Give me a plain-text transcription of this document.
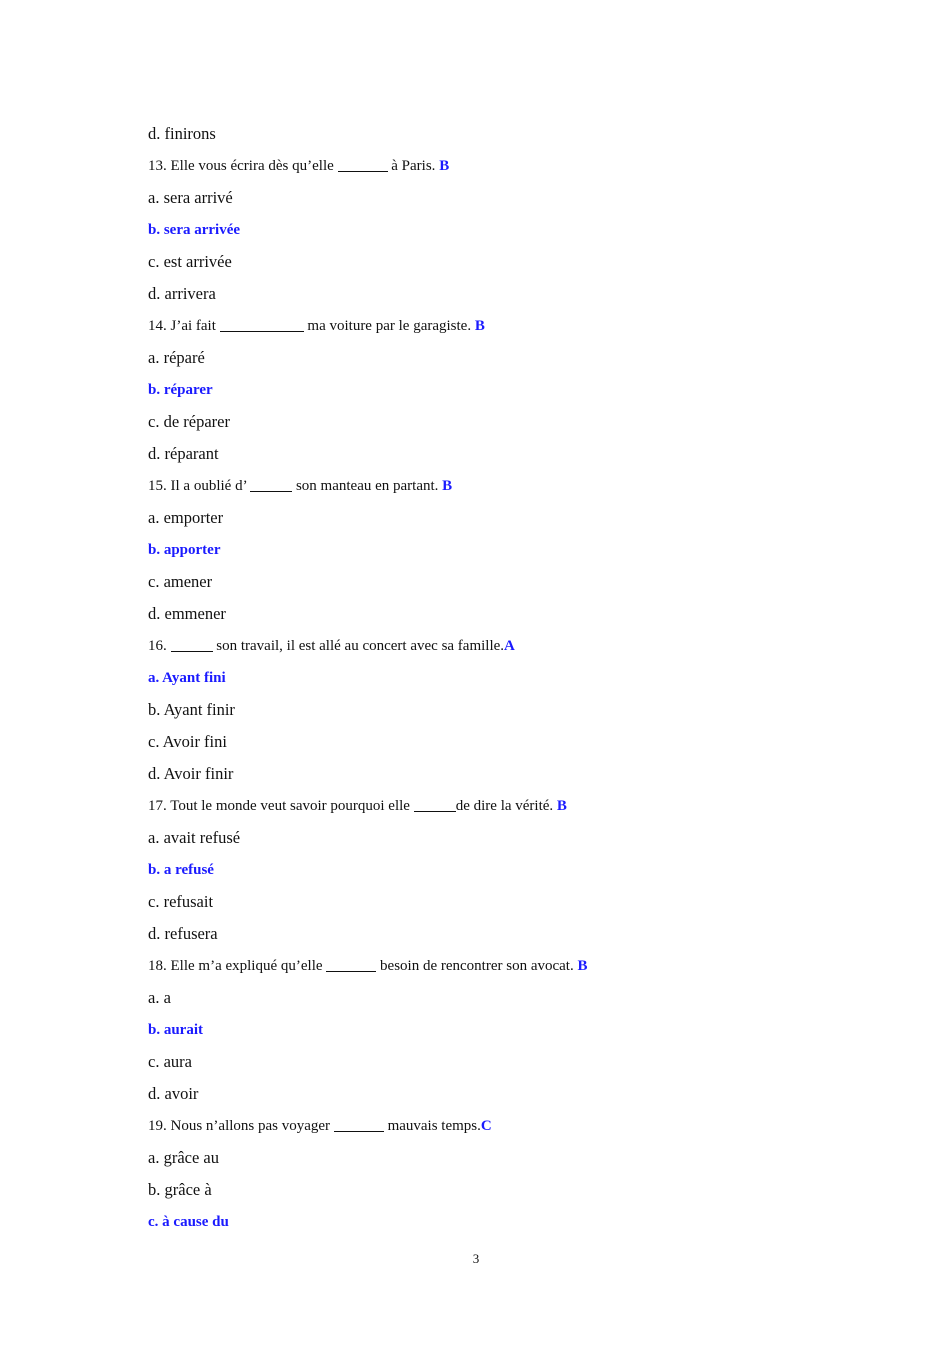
d. finirons
13. Elle vous écrira dès qu’elle	à Paris. B
a. sera arrivé
b. sera arrivée
c. est arrivée
d. arrivera
14. J’ai fait	ma voiture par le garagiste. B
a. réparé
b. réparer
c. de réparer
d. réparant
15. Il a oublié d’	son manteau en partant. B
a. emporter
b. apporter
c. amener
d. emmener
16.	son travail, il est allé au concert avec sa famille.A
a. Ayant fini
b. Ayant finir
c. Avoir fini
d. Avoir finir
17. Tout le monde veut savoir pourquoi elle	de dire la vérité. B
a. avait refusé
b. a refusé
c. refusait
d. refusera
18. Elle m’a expliqué qu’elle	besoin de rencontrer son avocat. B
a. a
b. aurait
c. aura
d. avoir
19. Nous n’allons pas voyager	mauvais temps.C
a. grâce au
b. grâce à
c. à cause du
3
